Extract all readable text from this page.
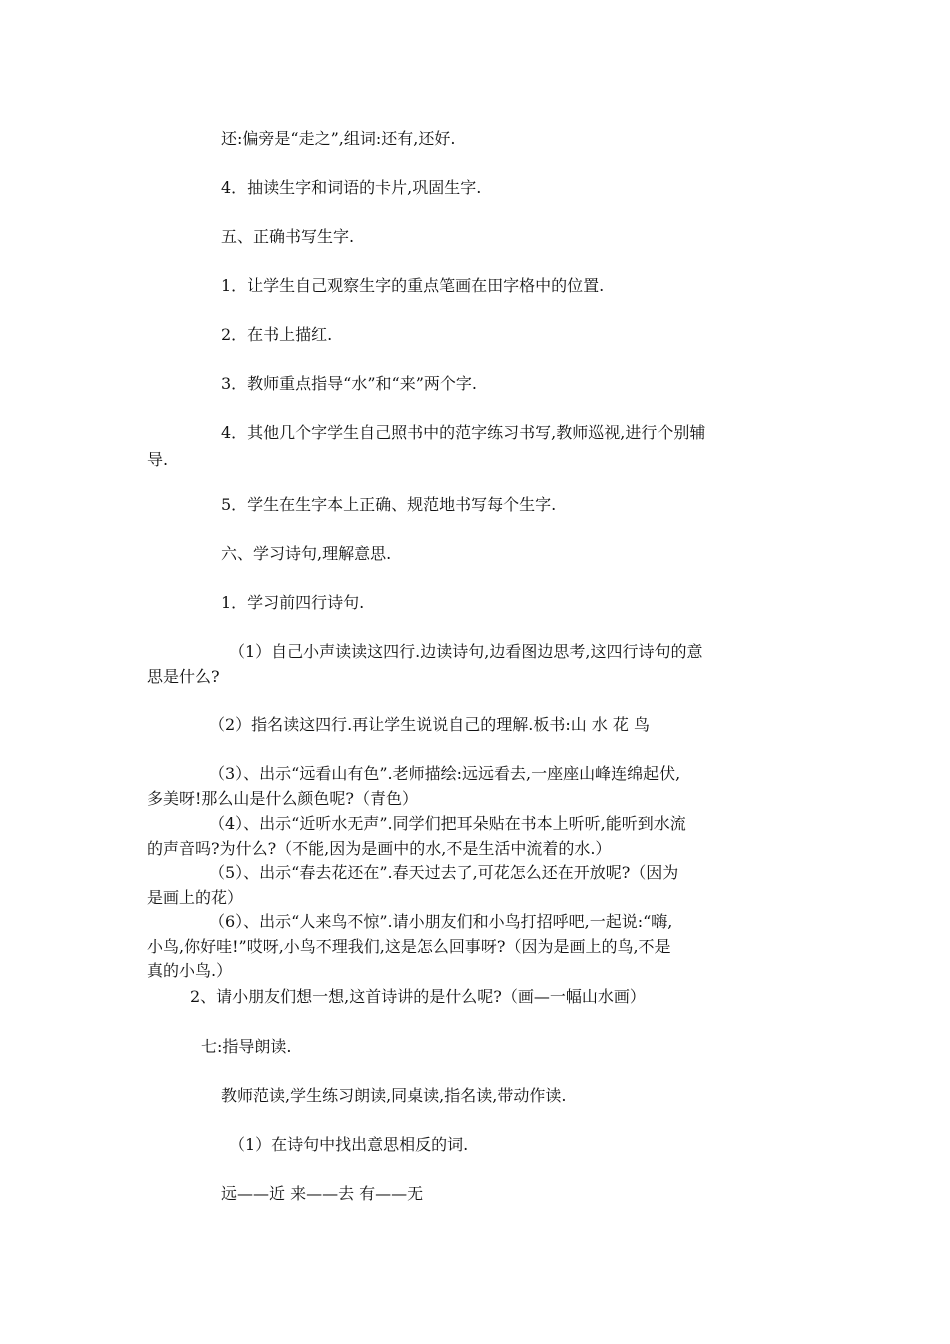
还:偏旁是“走之”,组词:还有,还好.

4．抽读生字和词语的卡片,巩固生字.

五、正确书写生字.

1．让学生自己观察生字的重点笔画在田字格中的位置.

2．在书上描红.

3．教师重点指导“水”和“来”两个字.

4．其他几个字学生自己照书中的范字练习书写,教师巡视,进行个别辅

导.

5．学生在生字本上正确、规范地书写每个生字.

六、学习诗句,理解意思.

1．学习前四行诗句.

（1）自己小声读读这四行.边读诗句,边看图边思考,这四行诗句的意

思是什么?

（2）指名读这四行.再让学生说说自己的理解.板书:山 水 花 鸟

（3）、出示“远看山有色”.老师描绘:远远看去,一座座山峰连绵起伏,

多美呀!那么山是什么颜色呢?（青色）

（4）、出示“近听水无声”.同学们把耳朵贴在书本上听听,能听到水流

的声音吗?为什么?（不能,因为是画中的水,不是生活中流着的水.）

（5）、出示“春去花还在”.春天过去了,可花怎么还在开放呢?（因为

是画上的花）

（6）、出示“人来鸟不惊”.请小朋友们和小鸟打招呼吧,一起说:“嗨,

小鸟,你好哇!”哎呀,小鸟不理我们,这是怎么回事呀?（因为是画上的鸟,不是

真的小鸟.）

2、请小朋友们想一想,这首诗讲的是什么呢?（画—一幅山水画）

七:指导朗读.

教师范读,学生练习朗读,同桌读,指名读,带动作读.

（1）在诗句中找出意思相反的词.

远——近 来——去 有——无
